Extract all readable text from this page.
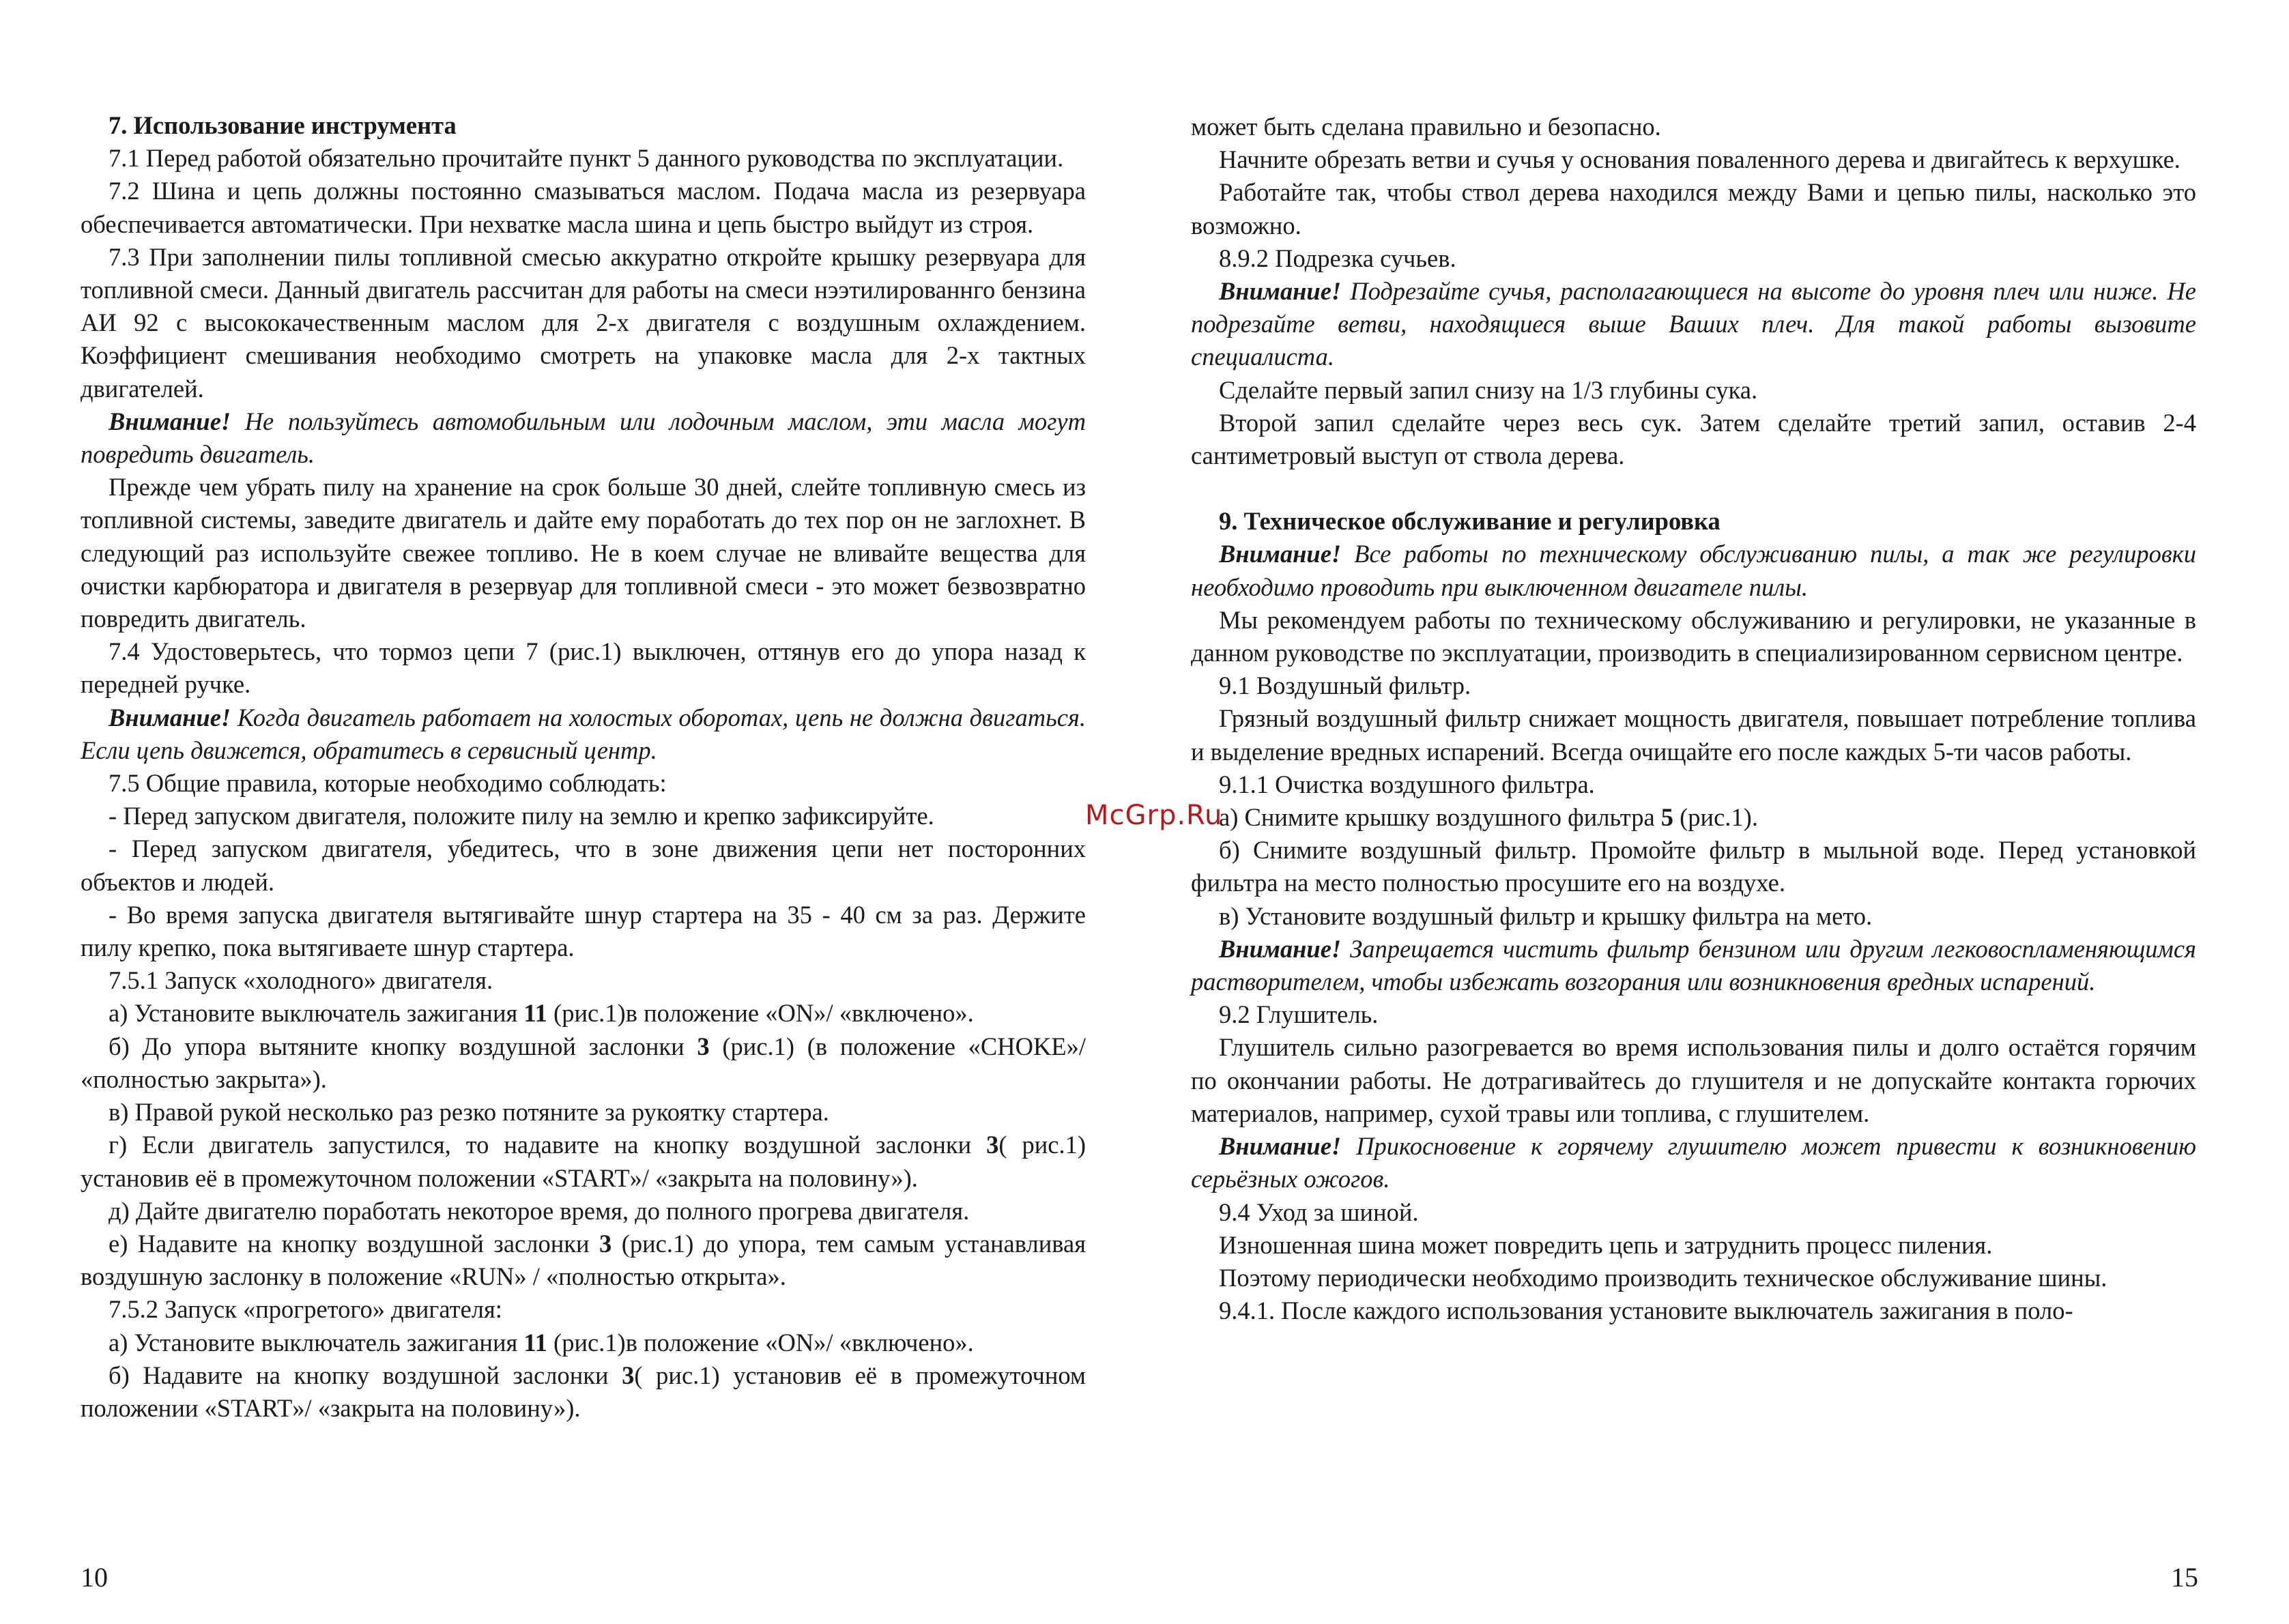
7. Использование инструмента

7.1 Перед работой обязательно прочитайте пункт 5 данного руководства по эксплуатации.

7.2 Шина и цепь должны постоянно смазываться маслом. Подача масла из резервуара обеспечивается автоматически. При нехватке масла шина и цепь быстро выйдут из строя.

7.3 При заполнении пилы топливной смесью аккуратно откройте крышку резервуара для топливной смеси. Данный двигатель рассчитан для работы на смеси нээтилированнго бензина АИ 92 с высококачественным маслом для 2-х двигателя с воздушным охлаждением. Коэффициент смешивания необходимо смотреть на упаковке масла для 2-х тактных двигателей.

Внимание! Не пользуйтесь автомобильным или лодочным маслом, эти масла могут повредить двигатель.

Прежде чем убрать пилу на хранение на срок больше 30 дней, слейте топливную смесь из топливной системы, заведите двигатель и дайте ему поработать до тех пор он не заглохнет. В следующий раз используйте свежее топливо. Не в коем случае не вливайте вещества для очистки карбюратора и двигателя в резервуар для топливной смеси - это может безвозвратно повредить двигатель.

7.4 Удостоверьтесь, что тормоз цепи 7 (рис.1) выключен, оттянув его до упора назад к передней ручке.

Внимание! Когда двигатель работает на холостых оборотах, цепь не должна двигаться. Если цепь движется, обратитесь в сервисный центр.

7.5 Общие правила, которые необходимо соблюдать:

- Перед запуском двигателя, положите пилу на землю и крепко зафиксируйте.

- Перед запуском двигателя, убедитесь, что в зоне движения цепи нет посторонних объектов и людей.

- Во время запуска двигателя вытягивайте шнур стартера на 35 - 40 см за раз. Держите пилу крепко, пока вытягиваете шнур стартера.

7.5.1 Запуск «холодного» двигателя.

а) Установите выключатель зажигания 11 (рис.1)в положение «ON»/ «включено».

б) До упора вытяните кнопку воздушной заслонки 3 (рис.1) (в положение «CHOKE»/ «полностью закрыта»).

в) Правой рукой несколько раз резко потяните за рукоятку стартера.

г) Если двигатель запустился, то надавите на кнопку воздушной заслонки 3( рис.1) установив её в промежуточном положении «START»/ «закрыта на половину»).

д) Дайте двигателю поработать некоторое время, до полного прогрева двигателя.

е) Надавите на кнопку воздушной заслонки 3 (рис.1) до упора, тем самым устанавливая воздушную заслонку в положение «RUN» / «полностью открыта».

7.5.2 Запуск «прогретого» двигателя:

а) Установите выключатель зажигания 11 (рис.1)в положение «ON»/ «включено».

б) Надавите на кнопку воздушной заслонки 3( рис.1) установив её в промежуточном положении «START»/ «закрыта на половину»).

может быть сделана правильно и безопасно.

Начните обрезать ветви и сучья у основания поваленного дерева и двигайтесь к верхушке.

Работайте так, чтобы ствол дерева находился между Вами и цепью пилы, насколько это возможно.

8.9.2 Подрезка сучьев.

Внимание! Подрезайте сучья, располагающиеся на высоте до уровня плеч или ниже. Не подрезайте ветви, находящиеся выше Ваших плеч. Для такой работы вызовите специалиста.

Сделайте первый запил снизу на 1/3 глубины сука.

Второй запил сделайте через весь сук. Затем сделайте третий запил, оставив 2-4 сантиметровый выступ от ствола дерева.

9. Техническое обслуживание и регулировка

Внимание! Все работы по техническому обслуживанию пилы, а так же регулировки необходимо проводить при выключенном двигателе пилы.

Мы рекомендуем работы по техническому обслуживанию и регулировки, не указанные в данном руководстве по эксплуатации, производить в специализированном сервисном центре.

9.1 Воздушный фильтр.

Грязный воздушный фильтр снижает мощность двигателя, повышает потребление топлива и выделение вредных испарений. Всегда очищайте его после каждых 5-ти часов работы.

9.1.1 Очистка воздушного фильтра.

а) Снимите крышку воздушного фильтра 5 (рис.1).

б) Снимите воздушный фильтр. Промойте фильтр в мыльной воде. Перед установкой фильтра на место полностью просушите его на воздухе.

в) Установите воздушный фильтр и крышку фильтра на мето.

Внимание! Запрещается чистить фильтр бензином или другим легковоспламеняющимся растворителем, чтобы избежать возгорания или возникновения вредных испарений.

9.2 Глушитель.

Глушитель сильно разогревается во время использования пилы и долго остаётся горячим по окончании работы. Не дотрагивайтесь до глушителя и не допускайте контакта горючих материалов, например, сухой травы или топлива, с глушителем.

Внимание! Прикосновение к горячему глушителю может привести к возникновению серьёзных ожогов.

9.4 Уход за шиной.

Изношенная шина может повредить цепь и затруднить процесс пиления.

Поэтому периодически необходимо производить техническое обслуживание шины.

9.4.1. После каждого использования установите выключатель зажигания в поло-

10	15
McGrp.Ru
